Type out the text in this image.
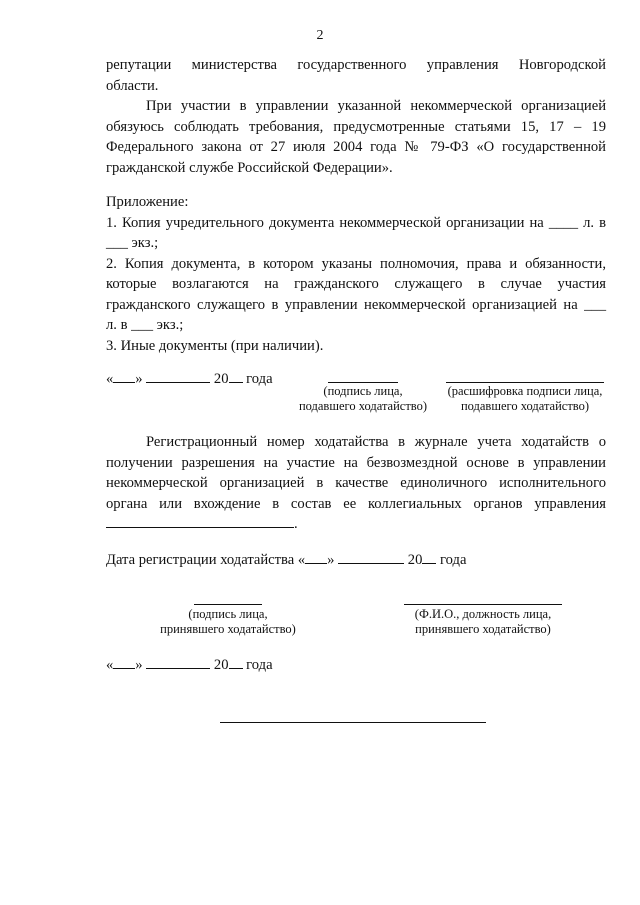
2
репутации министерства государственного управления Новгородской
области.
При участии в управлении указанной некоммерческой организацией
обязуюсь соблюдать требования, предусмотренные статьями 15, 17 – 19
Федерального закона от 27 июля 2004 года № 79-ФЗ «О государственной
гражданской службе Российской Федерации».
Приложение:
1. Копия учредительного документа некоммерческой организации на ____ л. в
___ экз.;
2. Копия документа, в котором указаны полномочия, права и обязанности,
которые возлагаются на гражданского служащего в случае участия
гражданского служащего в управлении некоммерческой организацией на ___
л. в ___ экз.;
3. Иные документы (при наличии).
« »	20 года
(подпись лица,
подавшего ходатайство)
(расшифровка подписи лица,
подавшего ходатайство)
Регистрационный номер ходатайства в журнале учета ходатайств о
получении разрешения на участие на безвозмездной основе в управлении
некоммерческой организацией в качестве единоличного исполнительного
органа или вхождение в состав ее коллегиальных органов управления
.
Дата регистрации ходатайства « »	20 года
(подпись лица,
принявшего ходатайство)
(Ф.И.О., должность лица,
принявшего ходатайство)
« »	20 года
